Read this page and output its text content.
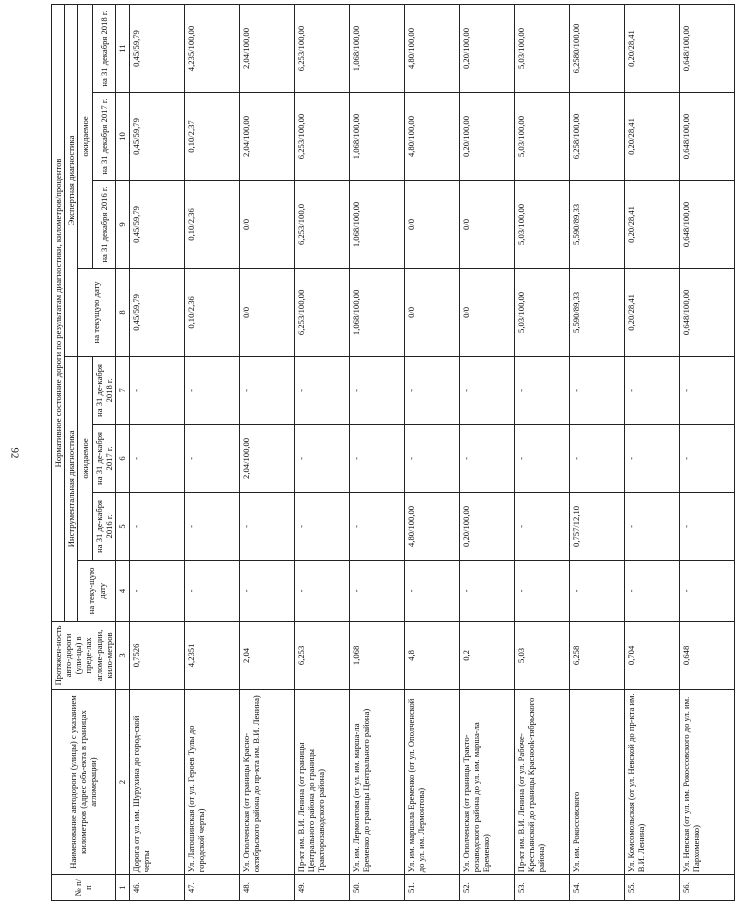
92
№ п/п	Наименование автодороги (улицы) с указанием километров (адрес объ-екта в границах агломерации)	Протяжен-ность авто-дороги (ули-цы) в преде-лах агломе-рации, кило-метров	Нормативное состояние дороги по результатам диагностики, километров/процентов							
			Инструментальная диагностика				Экспертная диагностика			
			на теку-щую дату	ожидаемое			на текущую дату	ожидаемое		
				на 31 де-кабря 2016 г.	на 31 де-кабря 2017 г.	на 31 де-кабря 2018 г.		на 31 декабря 2016 г.	на 31 декабря 2017 г.	на 31 декабря 2018 г.
1	2	3	4	5	6	7	8	9	10	11
46.	Дорога от ул. им. Шурухина до город-ской черты	0,7526	-	-	-	-	0,45/59,79	0,45/59,79	0,45/59,79	0,45/59,79
47.	Ул. Латошинская (от ул. Героев Тулы до городской черты)	4,2351	-	-	-	-	0,10/2,36	0,10/2,36	0,10/2,37	4,235/100,00
48.	Ул. Ополченская (от границы Красно-октябрьского района до пр-кта им. В.И. Ленина)	2,04	-	-	2,04/100,00	-	0/0	0/0	2,04/100,00	2,04/100,00
49.	Пр-кт им. В.И. Ленина (от границы Центрального района до границы Тракторозаводского района)	6,253	-	-	-	-	6,253/100,00	6,253/100,0	6,253/100,00	6,253/100,00
50.	Ул. им. Лермонтова (от ул. им. марша-ла Еременко до границы Центрального района)	1,068	-	-	-	-	1,068/100,00	1,068/100,00	1,068/100,00	1,068/100,00
51.	Ул. им. маршала Еременко (от ул. Ополченской до ул. им. Лермонтова)	4,8	-	4,80/100,00	-	-	0/0	0/0	4,80/100,00	4,80/100,00
52.	Ул. Ополченская (от границы Тракто-розаводского района до ул. им. марша-ла Еременко)	0,2	-	0,20/100,00	-	-	0/0	0/0	0,20/100,00	0,20/100,00
53.	Пр-кт им. В.И. Ленина (от ул. Рабоче-Крестьянской до границы Краснооk-тябрьского района)	5,03	-	-	-	-	5,03/100,00	5,03/100,00	5,03/100,00	5,03/100,00
54.	Ул. им. Рокоссовского	6,258	-	0,757/12,10	-	-	5,590/89,33	5,590/89,33	6,258/100,00	6,2580/100,00
55.	Ул. Комсомольская (от ул. Невской до пр-кта им. В.И. Ленина)	0,704	-	-	-	-	0,20/28,41	0,20/28,41	0,20/28,41	0,20/28,41
56.	Ул. Невская (от ул. им. Рокоссовского до ул. им. Пархоменко)	0,648	-	-	-	-	0,648/100,00	0,648/100,00	0,648/100,00	0,648/100,00
